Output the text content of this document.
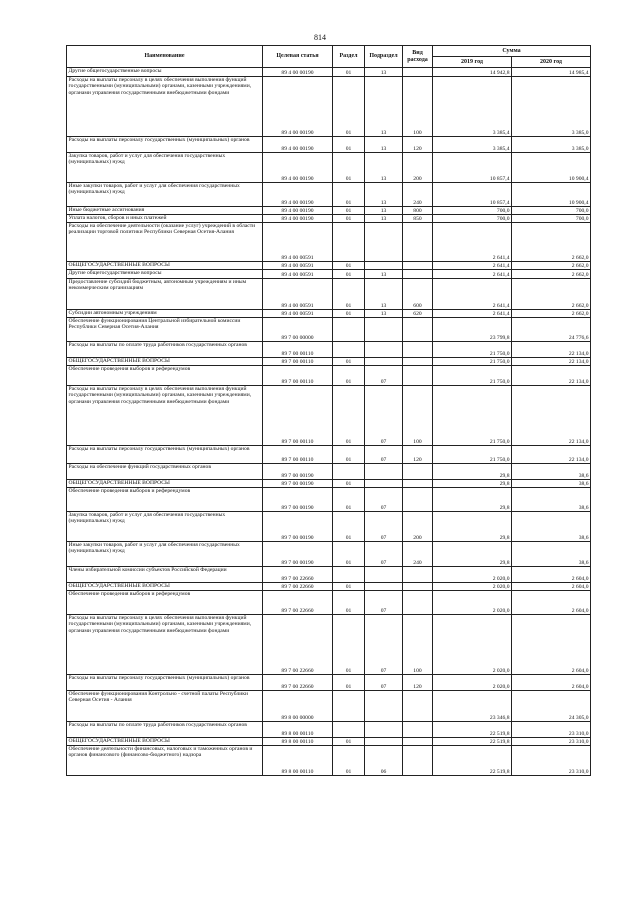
814
Наименование	Целевая статья	Раздел	Подраздел	Вид расхода	Сумма	
					2019 год	2020 год
Другие общегосударственные вопросы	89 4 00 00190	01	13		14 942,8	14 985,4
Расходы на выплаты персоналу в целях обеспечения выполнения функций государственными (муниципальными) органами, казенными учреждениями, органами управления государственными внебюджетными фондами	89 4 00 00190	01	13	100	3 385,4	3 385,0
Расходы на выплаты персоналу государственных (муниципальных) органов	89 4 00 00190	01	13	120	3 385,4	3 385,0
Закупка товаров, работ и услуг для обеспечения государственных (муниципальных) нужд	89 4 00 00190	01	13	200	10 857,4	10 900,4
Иные закупки товаров, работ и услуг для обеспечения государственных (муниципальных) нужд	89 4 00 00190	01	13	240	10 857,4	10 900,4
Иные бюджетные ассигнования	89 4 00 00190	01	13	800	700,0	700,0
Уплата налогов, сборов и иных платежей	89 4 00 00190	01	13	850	700,0	700,0
Расходы на обеспечение деятельности (оказание услуг) учреждений в области реализации торговой политики Республики Северная Осетия-Алания	89 4 00 00591				2 641,4	2 662,0
ОБЩЕГОСУДАРСТВЕННЫЕ ВОПРОСЫ	89 4 00 00591	01			2 641,4	2 662,0
Другие общегосударственные вопросы	89 4 00 00591	01	13		2 641,4	2 662,0
Предоставление субсидий бюджетным, автономным учреждениям и иным некоммерческим организациям	89 4 00 00591	01	13	600	2 641,4	2 662,0
Субсидии автономным учреждениям	89 4 00 00591	01	13	620	2 641,4	2 662,0
Обеспечение функционирования Центральной избирательной комиссии Республики Северная Осетия-Алания	89 7 00 00000				23 799,8	24 776,6
Расходы на выплаты по оплате труда работников государственных органов	89 7 00 00110				21 750,0	22 134,0
ОБЩЕГОСУДАРСТВЕННЫЕ ВОПРОСЫ	89 7 00 00110	01			21 750,0	22 134,0
Обеспечение проведения выборов и референдумов	89 7 00 00110	01	07		21 750,0	22 134,0
Расходы на выплаты персоналу в целях обеспечения выполнения функций государственными (муниципальными) органами, казенными учреждениями, органами управления государственными внебюджетными фондами	89 7 00 00110	01	07	100	21 750,0	22 134,0
Расходы на выплаты персоналу государственных (муниципальных) органов	89 7 00 00110	01	07	120	21 750,0	22 134,0
Расходы на обеспечение функций государственных органов	89 7 00 00190				29,8	38,6
ОБЩЕГОСУДАРСТВЕННЫЕ ВОПРОСЫ	89 7 00 00190	01			29,8	38,6
Обеспечение проведения выборов и референдумов	89 7 00 00190	01	07		29,8	38,6
Закупка товаров, работ и услуг для обеспечения государственных (муниципальных) нужд	89 7 00 00190	01	07	200	29,8	38,6
Иные закупки товаров, работ и услуг для обеспечения государственных (муниципальных) нужд	89 7 00 00190	01	07	240	29,8	38,6
Члены избирательной комиссии субъектов Российской Федерации	89 7 00 22660				2 020,0	2 604,0
ОБЩЕГОСУДАРСТВЕННЫЕ ВОПРОСЫ	89 7 00 22660	01			2 020,0	2 604,0
Обеспечение проведения выборов и референдумов	89 7 00 22660	01	07		2 020,0	2 604,0
Расходы на выплаты персоналу в целях обеспечения выполнения функций государственными (муниципальными) органами, казенными учреждениями, органами управления государственными внебюджетными фондами	89 7 00 22660	01	07	100	2 020,0	2 604,0
Расходы на выплаты персоналу государственных (муниципальных) органов	89 7 00 22660	01	07	120	2 020,0	2 604,0
Обеспечение функционирования Контрольно - счетной палаты Республики Северная Осетия - Алания	89 8 00 00000				23 346,8	24 305,0
Расходы на выплаты по оплате труда работников государственных органов	89 8 00 00110				22 519,8	23 310,0
ОБЩЕГОСУДАРСТВЕННЫЕ ВОПРОСЫ	89 8 00 00110	01			22 519,8	23 310,0
Обеспечение деятельности финансовых, налоговых и таможенных органов и органов финансового (финансово-бюджетного) надзора	89 8 00 00110	01	06		22 519,8	23 310,0
